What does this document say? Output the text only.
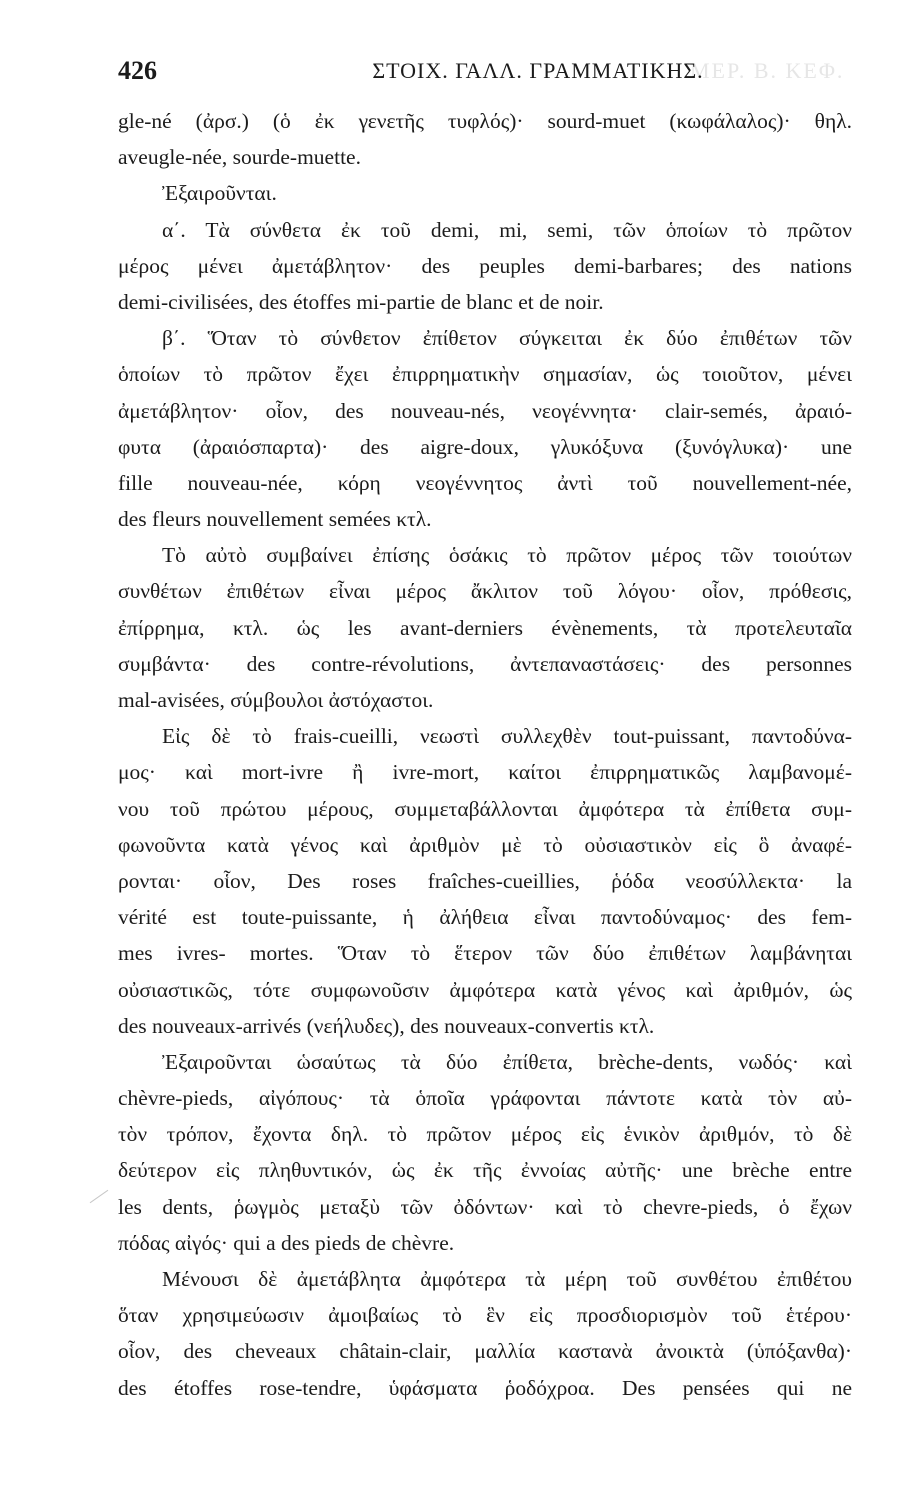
ΜΕΡ. Β. ΚΕΦ.
426	ΣΤΟΙΧ. ΓΑΛΛ. ΓΡΑΜΜΑΤΙΚΗΣ.
gle-né (ἀρσ.) (ὁ ἐκ γενετῆς τυφλός)· sourd-muet (κωφάλαλος)· θηλ.
aveugle-née, sourde-muette.
Ἐξαιροῦνται.
α΄. Τὰ σύνθετα ἐκ τοῦ demi, mi, semi, τῶν ὁποίων τὸ πρῶτον
μέρος μένει ἀμετάβλητον· des peuples demi-barbares; des nations
demi-civilisées, des étoffes mi-partie de blanc et de noir.
β΄. Ὅταν τὸ σύνθετον ἐπίθετον σύγκειται ἐκ δύο ἐπιθέτων τῶν
ὁποίων τὸ πρῶτον ἔχει ἐπιρρηματικὴν σημασίαν, ὡς τοιοῦτον, μένει
ἀμετάβλητον· οἷον, des nouveau-nés, νεογέννητα· clair-semés, ἀραιό-
φυτα (ἀραιόσπαρτα)· des aigre-doux, γλυκόξυνα (ξυνόγλυκα)· une
fille nouveau-née, κόρη νεογέννητος ἀντὶ τοῦ nouvellement-née,
des fleurs nouvellement semées κτλ.
Τὸ αὐτὸ συμβαίνει ἐπίσης ὁσάκις τὸ πρῶτον μέρος τῶν τοιούτων
συνθέτων ἐπιθέτων εἶναι μέρος ἄκλιτον τοῦ λόγου· οἷον, πρόθεσις,
ἐπίρρημα, κτλ. ὡς les avant-derniers évènements, τὰ προτελευταῖα
συμβάντα· des contre-révolutions, ἀντεπαναστάσεις· des personnes
mal-avisées, σύμβουλοι ἀστόχαστοι.
Εἰς δὲ τὸ frais-cueilli, νεωστὶ συλλεχθὲν tout-puissant, παντοδύνα-
μος· καὶ mort-ivre ἢ ivre-mort, καίτοι ἐπιρρηματικῶς λαμβανομέ-
νου τοῦ πρώτου μέρους, συμμεταβάλλονται ἀμφότερα τὰ ἐπίθετα συμ-
φωνοῦντα κατὰ γένος καὶ ἀριθμὸν μὲ τὸ οὐσιαστικὸν εἰς ὃ ἀναφέ-
ρονται· οἷον, Des roses fraîches-cueillies, ῥόδα νεοσύλλεκτα· la
vérité est toute-puissante, ἡ ἀλήθεια εἶναι παντοδύναμος· des fem-
mes ivres- mortes. Ὅταν τὸ ἕτερον τῶν δύο ἐπιθέτων λαμβάνηται
οὐσιαστικῶς, τότε συμφωνοῦσιν ἀμφότερα κατὰ γένος καὶ ἀριθμόν, ὡς
des nouveaux-arrivés (νεήλυδες), des nouveaux-convertis κτλ.
Ἐξαιροῦνται ὡσαύτως τὰ δύο ἐπίθετα, brèche-dents, νωδός· καὶ
chèvre-pieds, αἰγόπους· τὰ ὁποῖα γράφονται πάντοτε κατὰ τὸν αὐ-
τὸν τρόπον, ἔχοντα δηλ. τὸ πρῶτον μέρος εἰς ἑνικὸν ἀριθμόν, τὸ δὲ
δεύτερον εἰς πληθυντικόν, ὡς ἐκ τῆς ἐννοίας αὐτῆς· une brèche entre
les dents, ῥωγμὸς μεταξὺ τῶν ὀδόντων· καὶ τὸ chevre-pieds, ὁ ἔχων
πόδας αἰγός· qui a des pieds de chèvre.
Μένουσι δὲ ἀμετάβλητα ἀμφότερα τὰ μέρη τοῦ συνθέτου ἐπιθέτου
ὅταν χρησιμεύωσιν ἀμοιβαίως τὸ ἓν εἰς προσδιορισμὸν τοῦ ἑτέρου·
οἷον, des cheveaux châtain-clair, μαλλία καστανὰ ἀνοικτὰ (ὑπόξανθα)·
des étoffes rose-tendre, ὑφάσματα ῥοδόχροα. Des pensées qui ne
